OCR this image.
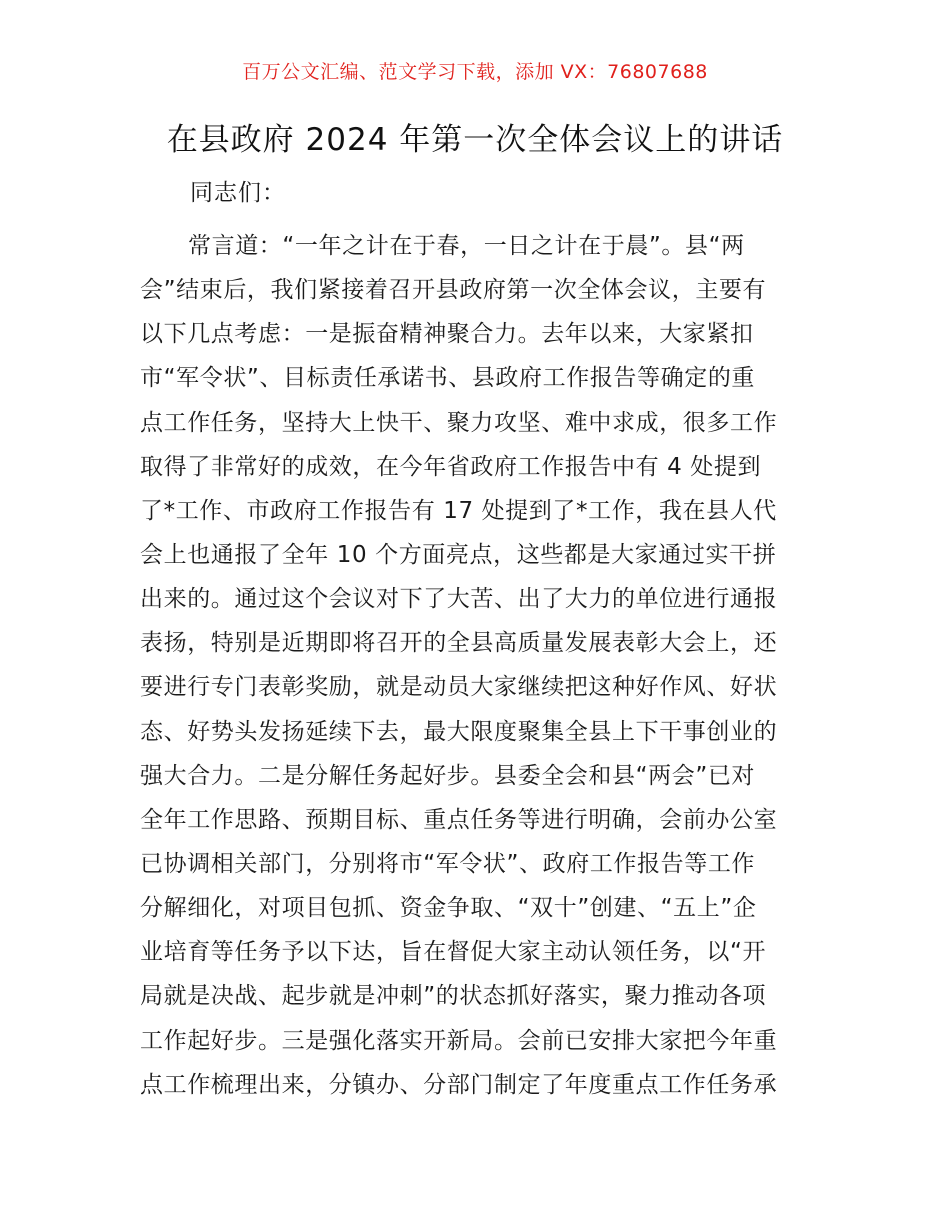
百万公文汇编、范文学习下载，添加 VX：76807688
在县政府 2024 年第一次全体会议上的讲话
同志们：
常言道：“一年之计在于春，一日之计在于晨”。县“两
会”结束后，我们紧接着召开县政府第一次全体会议，主要有
以下几点考虑：一是振奋精神聚合力。去年以来，大家紧扣
市“军令状”、目标责任承诺书、县政府工作报告等确定的重
点工作任务，坚持大上快干、聚力攻坚、难中求成，很多工作
取得了非常好的成效，在今年省政府工作报告中有 4 处提到
了*工作、市政府工作报告有 17 处提到了*工作，我在县人代
会上也通报了全年 10 个方面亮点，这些都是大家通过实干拼
出来的。通过这个会议对下了大苦、出了大力的单位进行通报
表扬，特别是近期即将召开的全县高质量发展表彰大会上，还
要进行专门表彰奖励，就是动员大家继续把这种好作风、好状
态、好势头发扬延续下去，最大限度聚集全县上下干事创业的
强大合力。二是分解任务起好步。县委全会和县“两会”已对
全年工作思路、预期目标、重点任务等进行明确，会前办公室
已协调相关部门，分别将市“军令状”、政府工作报告等工作
分解细化，对项目包抓、资金争取、“双十”创建、“五上”企
业培育等任务予以下达，旨在督促大家主动认领任务，以“开
局就是决战、起步就是冲刺”的状态抓好落实，聚力推动各项
工作起好步。三是强化落实开新局。会前已安排大家把今年重
点工作梳理出来，分镇办、分部门制定了年度重点工作任务承
